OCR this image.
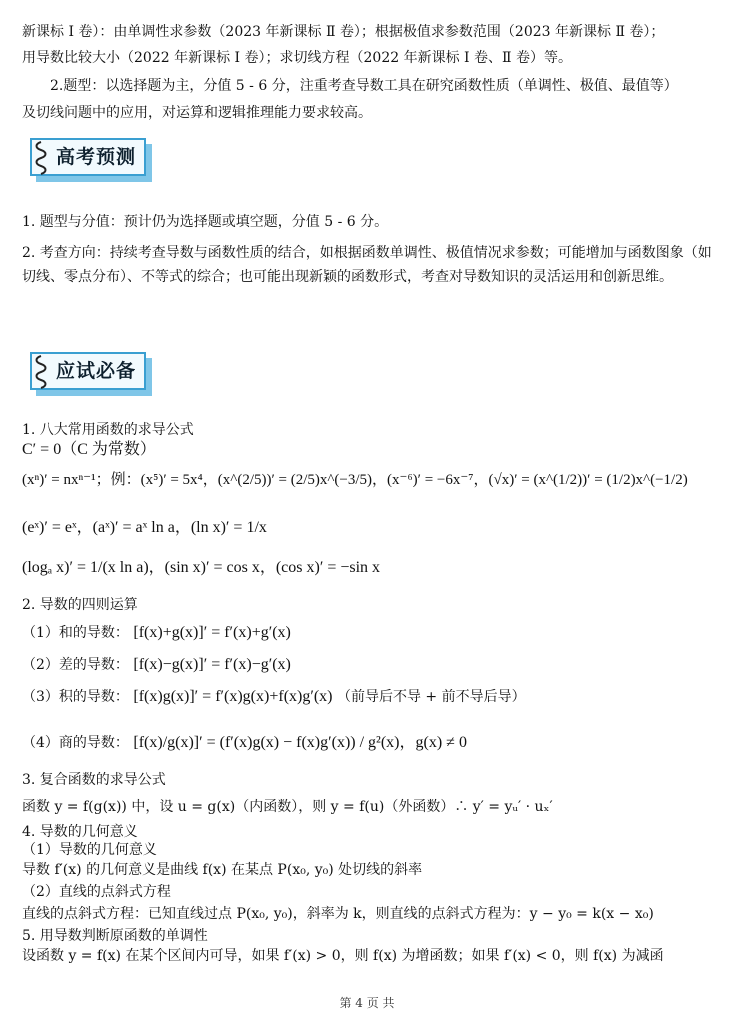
新课标 Ⅰ 卷）：由单调性求参数（2023 年新课标 Ⅱ 卷）；根据极值求参数范围（2023 年新课标 Ⅱ 卷）；
用导数比较大小（2022 年新课标 Ⅰ 卷）；求切线方程（2022 年新课标 Ⅰ 卷、Ⅱ 卷）等。
2.题型：以选择题为主，分值 5 - 6 分，注重考查导数工具在研究函数性质（单调性、极值、最值等）
及切线问题中的应用，对运算和逻辑推理能力要求较高。
高考预测
1. 题型与分值：预计仍为选择题或填空题，分值 5 - 6 分。
2. 考查方向：持续考查导数与函数性质的结合，如根据函数单调性、极值情况求参数；可能增加与函数图象（如切线、零点分布）、不等式的综合；也可能出现新颖的函数形式，考查对导数知识的灵活运用和创新思维。
应试必备
1. 八大常用函数的求导公式
C′ = 0（C 为常数）
(xⁿ)′ = nxⁿ⁻¹；例：(x⁵)′ = 5x⁴，(x^(2/5))′ = (2/5)x^(−3/5)，(x⁻⁶)′ = −6x⁻⁷，(√x)′ = (x^(1/2))′ = (1/2)x^(−1/2)
(eˣ)′ = eˣ，(aˣ)′ = aˣ ln a，(ln x)′ = 1/x
(logₐ x)′ = 1/(x ln a)，(sin x)′ = cos x，(cos x)′ = −sin x
2. 导数的四则运算
（1）和的导数： [f(x)+g(x)]′ = f′(x)+g′(x)
（2）差的导数： [f(x)−g(x)]′ = f′(x)−g′(x)
（3）积的导数： [f(x)g(x)]′ = f′(x)g(x)+f(x)g′(x) （前导后不导 + 前不导后导）
（4）商的导数： [f(x)/g(x)]′ = (f′(x)g(x) − f(x)g′(x)) / g²(x)，g(x) ≠ 0
3. 复合函数的求导公式
函数 y = f(g(x)) 中，设 u = g(x)（内函数），则 y = f(u)（外函数）∴ y′ = yᵤ′ · uₓ′
4. 导数的几何意义
（1）导数的几何意义
导数 f′(x) 的几何意义是曲线 f(x) 在某点 P(x₀, y₀) 处切线的斜率
（2）直线的点斜式方程
直线的点斜式方程：已知直线过点 P(x₀, y₀)，斜率为 k，则直线的点斜式方程为：y − y₀ = k(x − x₀)
5. 用导数判断原函数的单调性
设函数 y = f(x) 在某个区间内可导，如果 f′(x) > 0，则 f(x) 为增函数；如果 f′(x) < 0，则 f(x) 为减函
第 4 页 共
